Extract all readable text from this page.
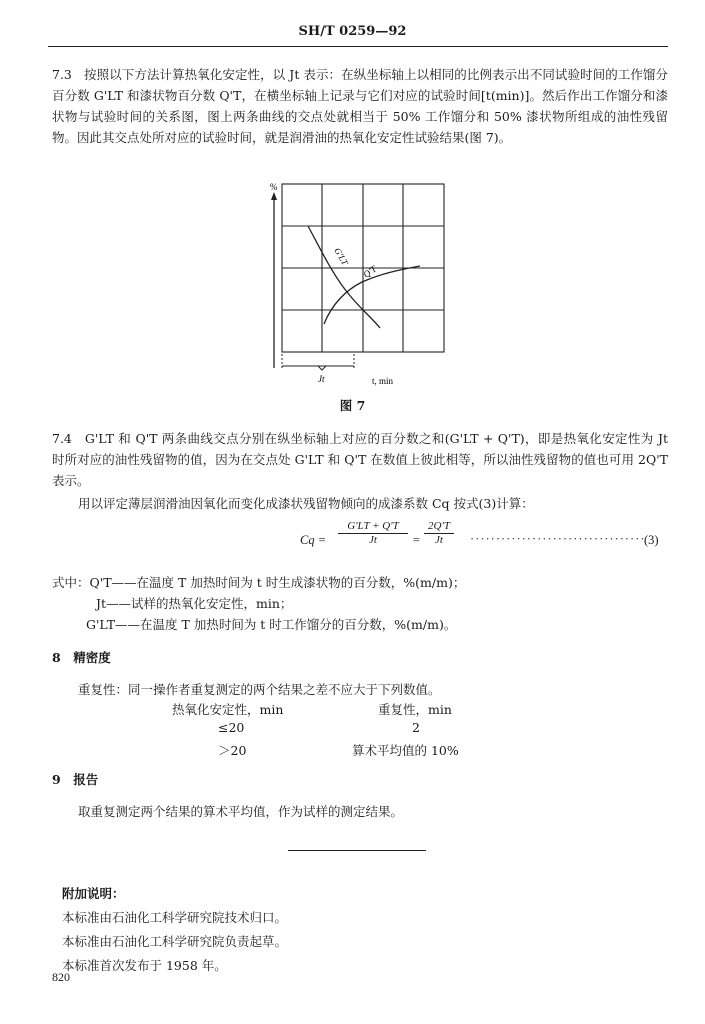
SH/T 0259—92

7.3 按照以下方法计算热氧化安定性，以 Jt 表示：在纵坐标轴上以相同的比例表示出不同试验时间的工作馏分百分数 G'LT 和漆状物百分数 Q'T，在横坐标轴上记录与它们对应的试验时间[t(min)]。然后作出工作馏分和漆状物与试验时间的关系图，图上两条曲线的交点处就相当于 50% 工作馏分和 50% 漆状物所组成的油性残留物。因此其交点处所对应的试验时间，就是润滑油的热氧化安定性试验结果(图 7)。

%
G'LT
Q'T
Jt	t, min
图 7

7.4 G'LT 和 Q'T 两条曲线交点分别在纵坐标轴上对应的百分数之和(G'LT + Q'T)，即是热氧化安定性为 Jt 时所对应的油性残留物的值，因为在交点处 G'LT 和 Q'T 在数值上彼此相等，所以油性残留物的值也可用 2Q'T 表示。

用以评定薄层润滑油因氧化而变化成漆状残留物倾向的成漆系数 Cq 按式(3)计算：

$Cq = \frac{G'LT + Q'T}{Jt} = \frac{2Q'T}{Jt}$ ··································
(3)
式中：Q'T——在温度 T 加热时间为 t 时生成漆状物的百分数，%(m/m)；
Jt——试样的热氧化安定性，min；
G'LT——在温度 T 加热时间为 t 时工作馏分的百分数，%(m/m)。
8　精密度
重复性：同一操作者重复测定的两个结果之差不应大于下列数值。
热氧化安定性，min	重复性，min
≤20	2
＞20	算术平均值的 10%
9　报告
取重复测定两个结果的算术平均值，作为试样的测定结果。
附加说明：
本标准由石油化工科学研究院技术归口。
本标准由石油化工科学研究院负责起草。
本标准首次发布于 1958 年。
820
